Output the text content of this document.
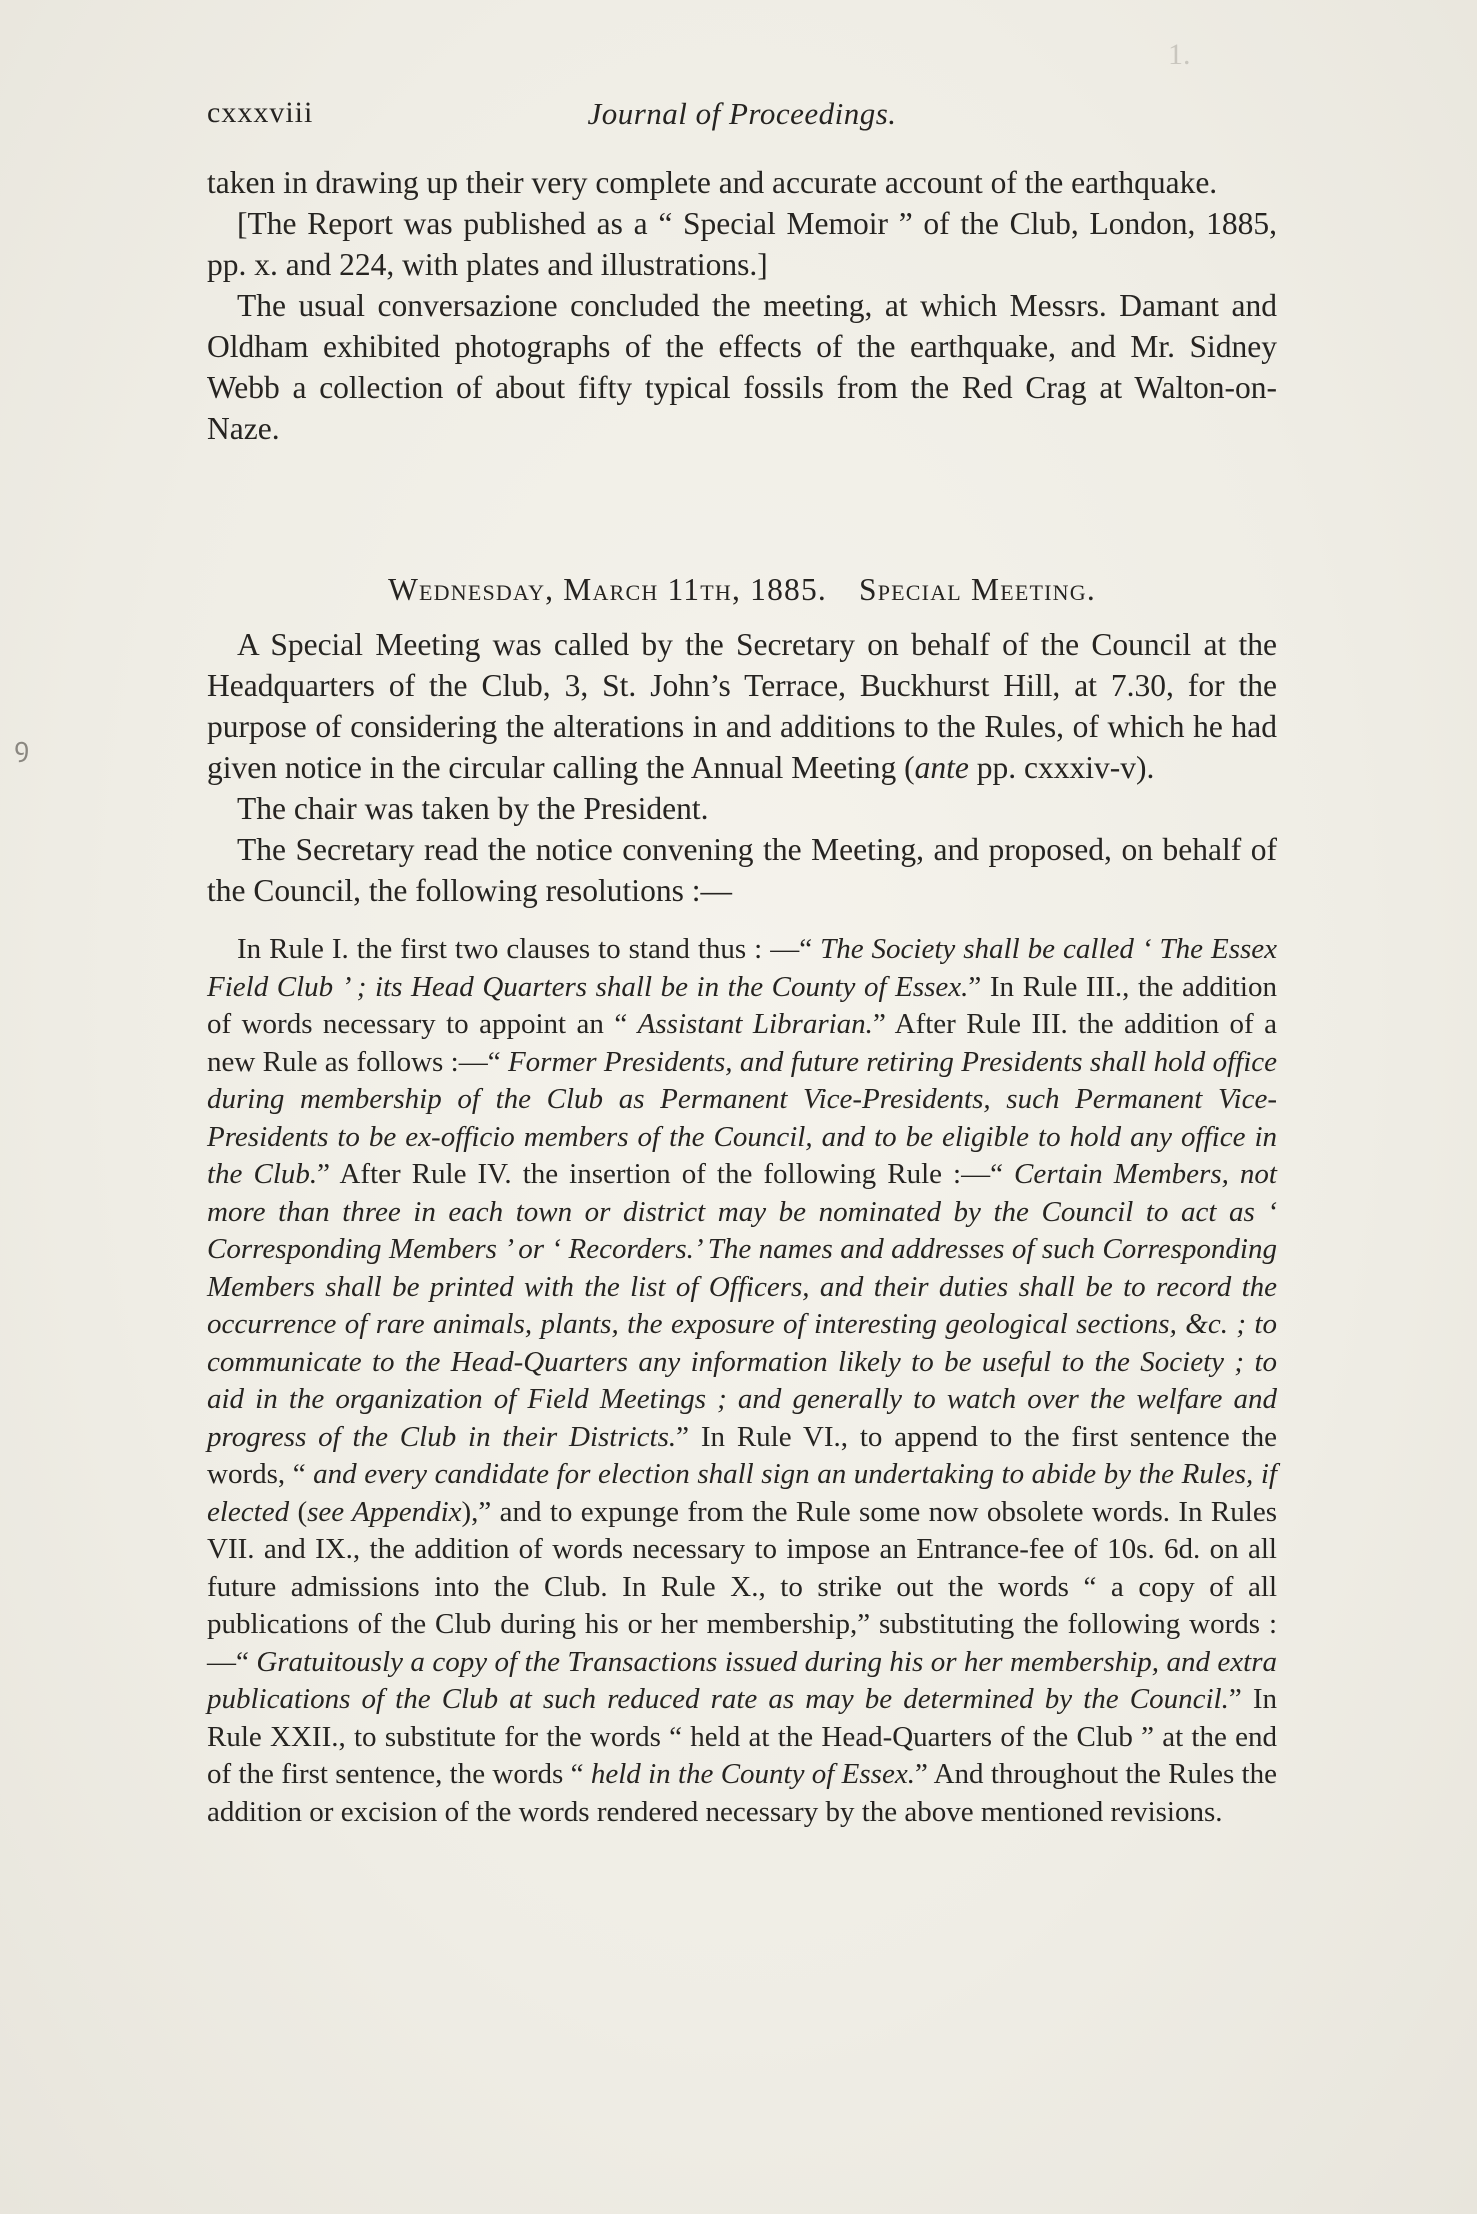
ꝯ
1.
cxxxviii	Journal of Proceedings.

taken in drawing up their very complete and accurate account of the earthquake.

[The Report was published as a “ Special Memoir ” of the Club, London, 1885, pp. x. and 224, with plates and illustrations.]

The usual conversazione concluded the meeting, at which Messrs. Damant and Oldham exhibited photographs of the effects of the earthquake, and Mr. Sidney Webb a collection of about fifty typical fossils from the Red Crag at Walton-on-Naze.

Wednesday, March 11th, 1885. Special Meeting.

A Special Meeting was called by the Secretary on behalf of the Council at the Headquarters of the Club, 3, St. John’s Terrace, Buckhurst Hill, at 7.30, for the purpose of considering the alterations in and additions to the Rules, of which he had given notice in the circular calling the Annual Meeting (ante pp. cxxxiv-v).

The chair was taken by the President.

The Secretary read the notice convening the Meeting, and proposed, on behalf of the Council, the following resolutions :—

In Rule I. the first two clauses to stand thus : —“ The Society shall be called ‘ The Essex Field Club ’ ; its Head Quarters shall be in the County of Essex.” In Rule III., the addition of words necessary to appoint an “ Assistant Librarian.” After Rule III. the addition of a new Rule as follows :—“ Former Presidents, and future retiring Presidents shall hold office during membership of the Club as Permanent Vice-Presidents, such Permanent Vice-Presidents to be ex-officio members of the Council, and to be eligible to hold any office in the Club.” After Rule IV. the insertion of the following Rule :—“ Certain Members, not more than three in each town or district may be nominated by the Council to act as ‘ Corresponding Members ’ or ‘ Recorders.’ The names and addresses of such Corresponding Members shall be printed with the list of Officers, and their duties shall be to record the occurrence of rare animals, plants, the exposure of interesting geological sections, &c. ; to communicate to the Head-Quarters any information likely to be useful to the Society ; to aid in the organization of Field Meetings ; and generally to watch over the welfare and progress of the Club in their Districts.” In Rule VI., to append to the first sentence the words, “ and every candidate for election shall sign an undertaking to abide by the Rules, if elected (see Appendix),” and to expunge from the Rule some now obsolete words. In Rules VII. and IX., the addition of words necessary to impose an Entrance-fee of 10s. 6d. on all future admissions into the Club. In Rule X., to strike out the words “ a copy of all publications of the Club during his or her membership,” substituting the following words :—“ Gratuitously a copy of the Transactions issued during his or her membership, and extra publications of the Club at such reduced rate as may be determined by the Council.” In Rule XXII., to substitute for the words “ held at the Head-Quarters of the Club ” at the end of the first sentence, the words “ held in the County of Essex.” And throughout the Rules the addition or excision of the words rendered necessary by the above mentioned revisions.
